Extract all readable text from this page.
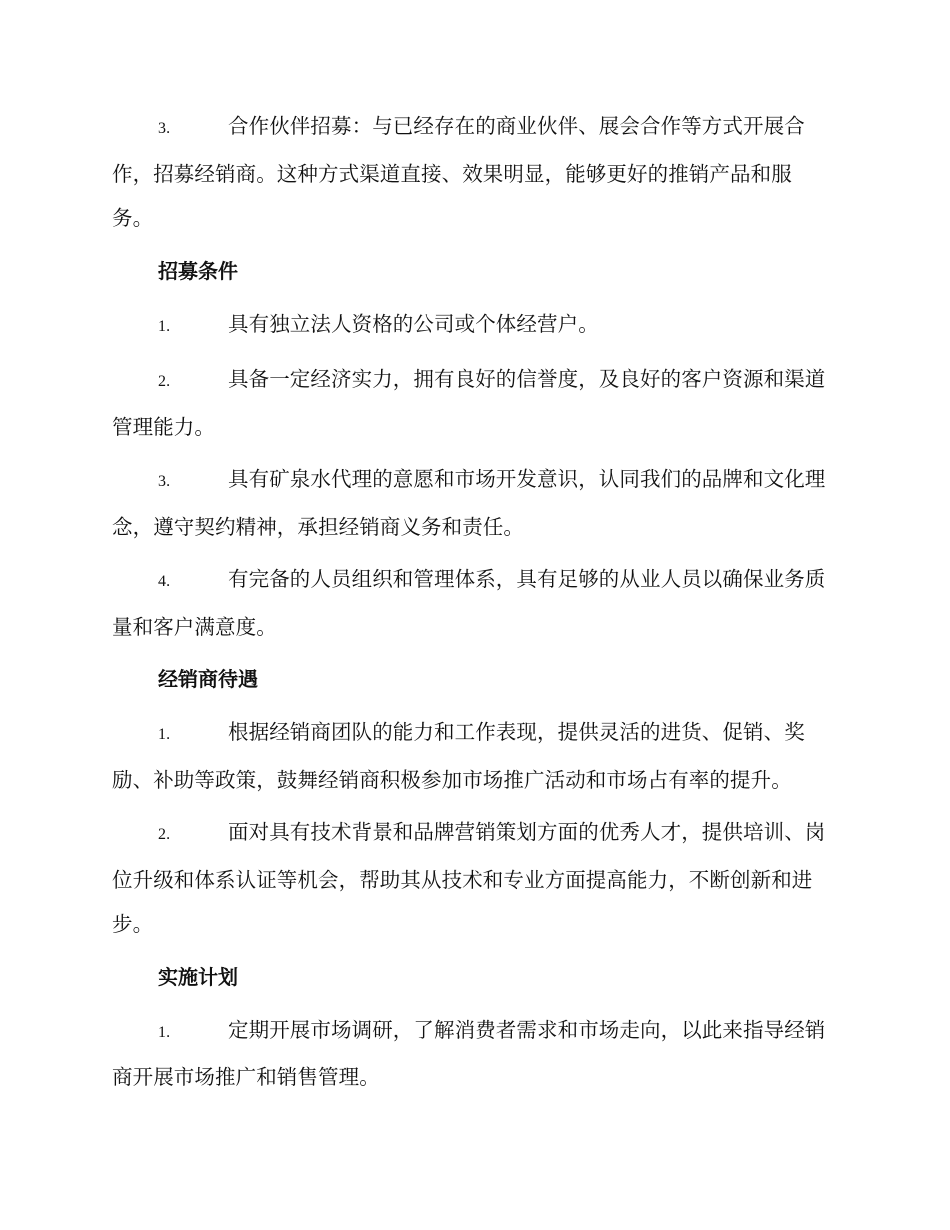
3.	合作伙伴招募：与已经存在的商业伙伴、展会合作等方式开展合作，招募经销商。这种方式渠道直接、效果明显，能够更好的推销产品和服务。

招募条件

1.	具有独立法人资格的公司或个体经营户。

2.	具备一定经济实力，拥有良好的信誉度，及良好的客户资源和渠道管理能力。

3.	具有矿泉水代理的意愿和市场开发意识，认同我们的品牌和文化理念，遵守契约精神，承担经销商义务和责任。

4.	有完备的人员组织和管理体系，具有足够的从业人员以确保业务质量和客户满意度。

经销商待遇

1.	根据经销商团队的能力和工作表现，提供灵活的进货、促销、奖励、补助等政策，鼓舞经销商积极参加市场推广活动和市场占有率的提升。

2.	面对具有技术背景和品牌营销策划方面的优秀人才，提供培训、岗位升级和体系认证等机会，帮助其从技术和专业方面提高能力，不断创新和进步。

实施计划

1.	定期开展市场调研，了解消费者需求和市场走向，以此来指导经销商开展市场推广和销售管理。
